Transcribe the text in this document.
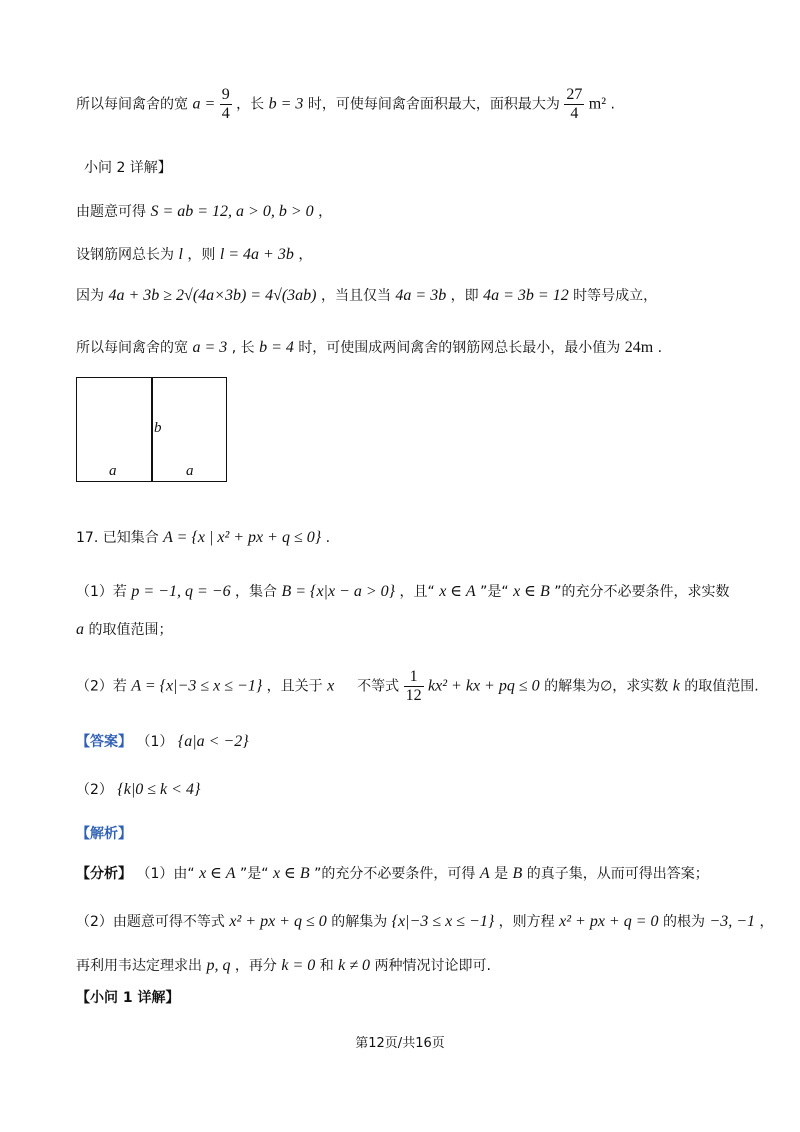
所以每间禽舍的宽 $a = \frac{9}{4}$ ，长 b = 3 时，可使每间禽舍面积最大，面积最大为 $\frac{27}{4} m^2$ .
小问 2 详解】
由题意可得 S = ab = 12, a > 0, b > 0 ，
设钢筋网总长为 l ，则 l = 4a + 3b ，
因为 4a + 3b ≥ 2√(4a×3b) = 4√(3ab) ，当且仅当 4a = 3b ，即 4a = 3b = 12 时等号成立，
所以每间禽舍的宽 a = 3 , 长 b = 4 时，可使围成两间禽舍的钢筋网总长最小，最小值为 24m .
b
a	a
17. 已知集合 A = {x | x² + px + q ≤ 0} .
（1）若 p = −1, q = −6 ，集合 B = {x|x − a > 0} ，且“ x ∈ A ”是“ x ∈ B ”的充分不必要条件，求实数
a 的取值范围；
（2）若 A = {x|−3 ≤ x ≤ −1} ，且关于 x 不等式 $\frac{1}{12} kx^2$ + kx + pq ≤ 0 的解集为∅，求实数 k 的取值范围.
【答案】 （1） {a|a < −2}
（2） {k|0 ≤ k < 4}
【解析】
【分析】 （1）由“ x ∈ A ”是“ x ∈ B ”的充分不必要条件，可得 A 是 B 的真子集，从而可得出答案；
（2）由题意可得不等式 x² + px + q ≤ 0 的解集为 {x|−3 ≤ x ≤ −1} ，则方程 x² + px + q = 0 的根为 −3, −1 ，
再利用韦达定理求出 p, q ，再分 k = 0 和 k ≠ 0 两种情况讨论即可.
【小问 1 详解】
第12页/共16页
